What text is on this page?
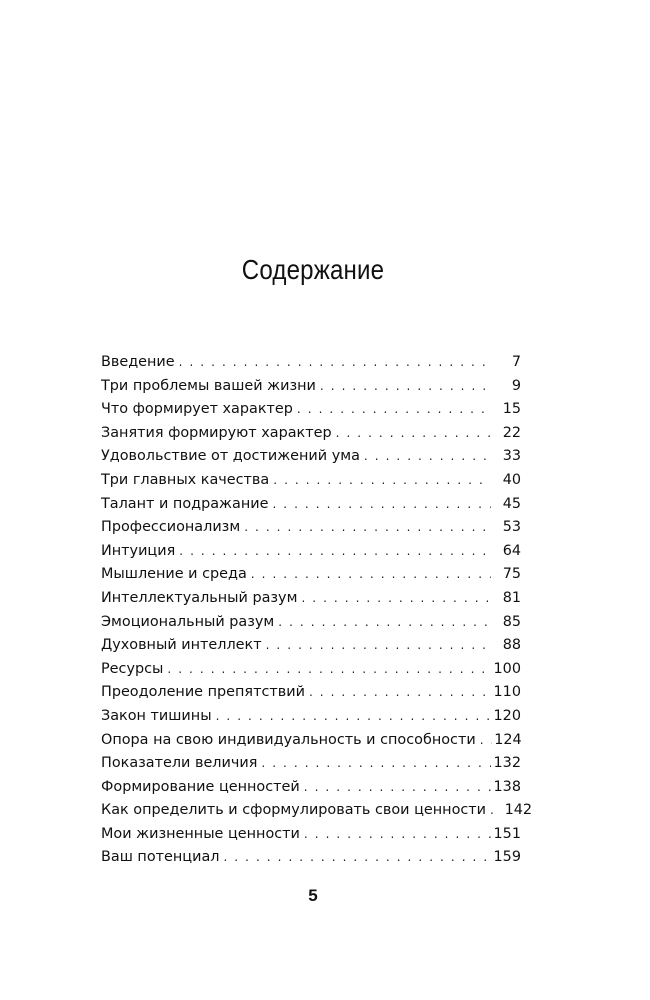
Содержание
Введение . . .	7
Три проблемы вашей жизни . . .	9
Что формирует характер . . .	15
Занятия формируют характер . . .	22
Удовольствие от достижений ума . . .	33
Три главных качества . . .	40
Талант и подражание . . .	45
Профессионализм . . .	53
Интуиция . . .	64
Мышление и среда . . .	75
Интеллектуальный разум . . .	81
Эмоциональный разум . . .	85
Духовный интеллект . . .	88
Ресурсы . . .	100
Преодоление препятствий . . .	110
Закон тишины . . .	120
Опора на свою индивидуальность и способности . . . 124
Показатели величия . . .	132
Формирование ценностей . . .	138
Как определить и сформулировать свои ценности . . . 142
Мои жизненные ценности . . .	151
Ваш потенциал . . .	159
5
